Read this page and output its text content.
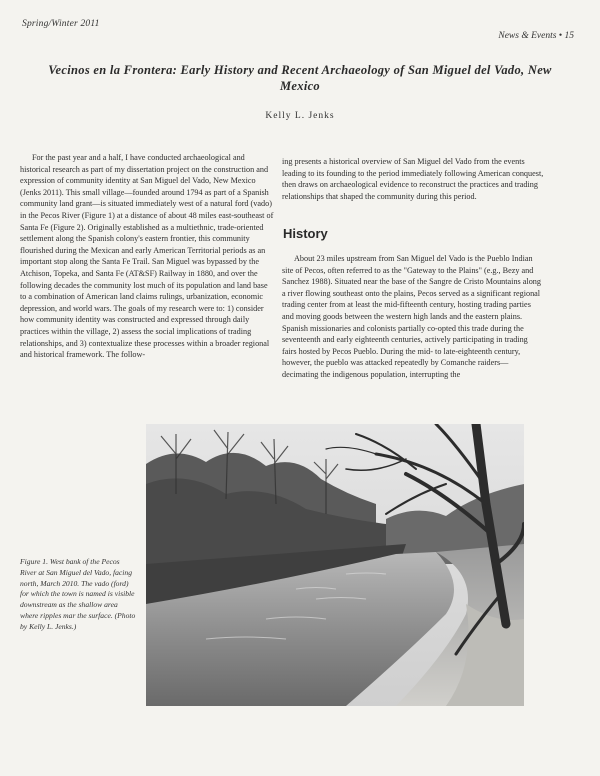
Spring/Winter 2011
News & Events • 15
Vecinos en la Frontera: Early History and Recent Archaeology of San Miguel del Vado, New Mexico
Kelly L. Jenks
For the past year and a half, I have conducted archaeological and historical research as part of my dissertation project on the construction and expression of community identity at San Miguel del Vado, New Mexico (Jenks 2011). This small village—founded around 1794 as part of a Spanish community land grant—is situated immediately west of a natural ford (vado) in the Pecos River (Figure 1) at a distance of about 48 miles east-southeast of Santa Fe (Figure 2). Originally established as a multiethnic, trade-oriented settlement along the Spanish colony's eastern frontier, this community flourished during the Mexican and early American Territorial periods as an important stop along the Santa Fe Trail. San Miguel was bypassed by the Atchison, Topeka, and Santa Fe (AT&SF) Railway in 1880, and over the following decades the community lost much of its population and land base to a combination of American land claims rulings, urbanization, economic depression, and world wars. The goals of my research were to: 1) consider how community identity was constructed and expressed through daily practices within the village, 2) assess the social implications of trading relationships, and 3) contextualize these processes within a broader regional and historical framework. The follow-
ing presents a historical overview of San Miguel del Vado from the events leading to its founding to the period immediately following American conquest, then draws on archaeological evidence to reconstruct the practices and trading relationships that shaped the community during this period.
History
About 23 miles upstream from San Miguel del Vado is the Pueblo Indian site of Pecos, often referred to as the "Gateway to the Plains" (e.g., Bezy and Sanchez 1988). Situated near the base of the Sangre de Cristo Mountains along a river flowing southeast onto the plains, Pecos served as a significant regional trading center from at least the mid-fifteenth century, hosting trading parties and moving goods between the western high lands and the eastern plains. Spanish missionaries and colonists partially co-opted this trade during the seventeenth and early eighteenth centuries, actively participating in trading fairs hosted by Pecos Pueblo. During the mid- to late-eighteenth century, however, the pueblo was attacked repeatedly by Comanche raiders—decimating the indigenous population, interrupting the
Figure 1. West bank of the Pecos River at San Miguel del Vado, facing north, March 2010. The vado (ford) for which the town is named is visible downstream as the shallow area where ripples mar the surface. (Photo by Kelly L. Jenks.)
